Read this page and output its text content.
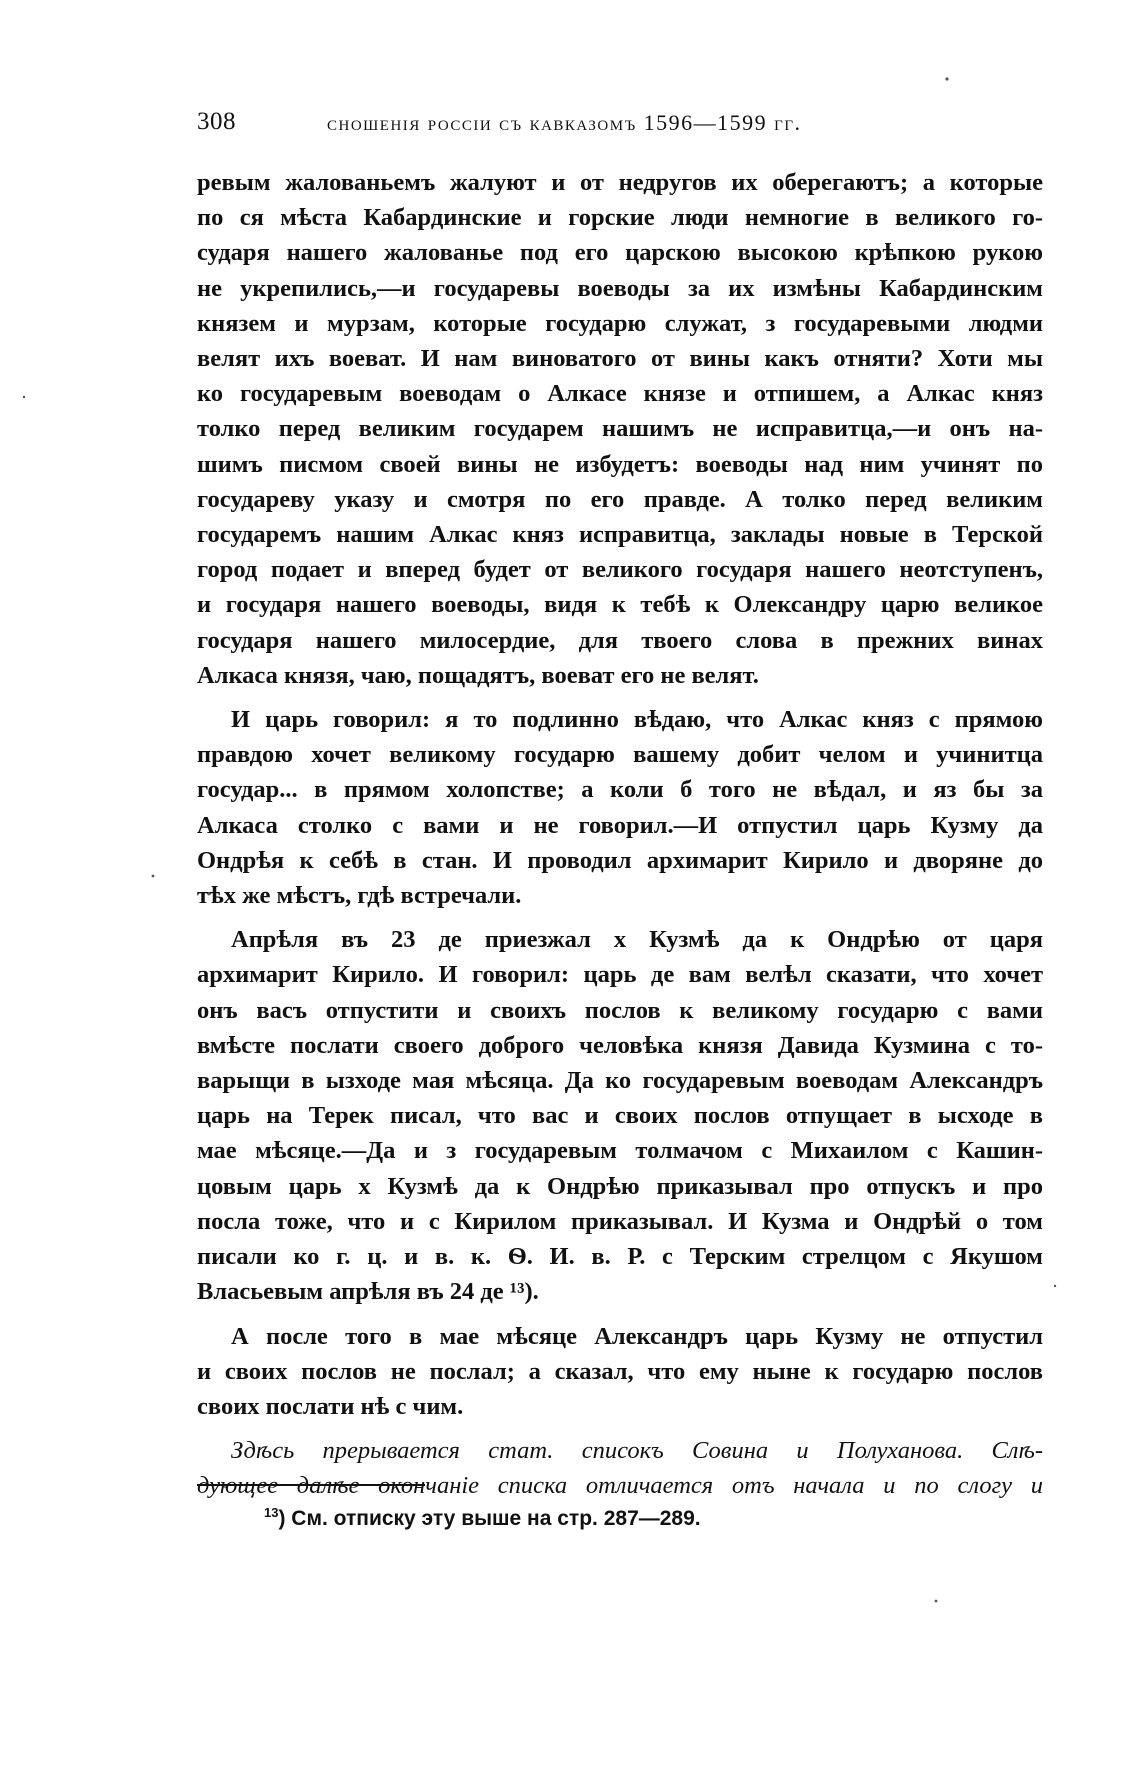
308	сношенія россіи съ кавказомъ 1596—1599 гг.
ревым жалованьемъ жалуют и от недругов их оберегаютъ; а которые
по ся мѣста Кабардинские и горские люди немногие в великого го-
сударя нашего жалованье под его царскою высокою крѣпкою рукою
не укрепились,—и государевы воеводы за их измѣны Кабардинским
князем и мурзам, которые государю служат, з государевыми людми
велят ихъ воеват. И нам виноватого от вины какъ отняти? Хоти мы
ко государевым воеводам о Алкасе князе и отпишем, а Алкас княз
толко перед великим государем нашимъ не исправитца,—и онъ на-
шимъ писмом своей вины не избудетъ: воеводы над ним учинят по
государеву указу и смотря по его правде. А толко перед великим
государемъ нашим Алкас княз исправитца, заклады новые в Терской
город подает и вперед будет от великого государя нашего неотступенъ,
и государя нашего воеводы, видя к тебѣ к Олександру царю великое
государя нашего милосердие, для твоего слова в прежних винах
Алкаса князя, чаю, пощадятъ, воеват его не велят.
И царь говорил: я то подлинно вѣдаю, что Алкас княз с прямою
правдою хочет великому государю вашему добит челом и учинитца
государ... в прямом холопстве; а коли б того не вѣдал, и яз бы за
Алкаса столко с вами и не говорил.—И отпустил царь Кузму да
Ондрѣя к себѣ в стан. И проводил архимарит Кирило и дворяне до
тѣх же мѣстъ, гдѣ встречали.
Апрѣля въ 23 де приезжал х Кузмѣ да к Ондрѣю от царя
архимарит Кирило. И говорил: царь де вам велѣл сказати, что хочет
онъ васъ отпустити и своихъ послов к великому государю с вами
вмѣсте послати своего доброго человѣка князя Давида Кузмина с то-
варыщи в ызходе мая мѣсяца. Да ко государевым воеводам Александръ
царь на Терек писал, что вас и своих послов отпущает в ысходе в
мае мѣсяце.—Да и з государевым толмачом с Михаилом с Кашин-
цовым царь х Кузмѣ да к Ондрѣю приказывал про отпускъ и про
посла тоже, что и с Кирилом приказывал. И Кузма и Ондрѣй о том
писали ко г. ц. и в. к. Ѳ. И. в. Р. с Терским стрелцом с Якушом
Власьевым апрѣля въ 24 де ¹³).
А после того в мае мѣсяце Александръ царь Кузму не отпустил
и своих послов не послал; а сказал, что ему ныне к государю послов
своих послати нѣ с чим.
Здѣсь прерывается стат. списокъ Совина и Полуханова. Слѣ-
дующее далѣе окончаніе списка отличается отъ начала и по слогу и
$^{13}$) См. отписку эту выше на стр. 287—289.
